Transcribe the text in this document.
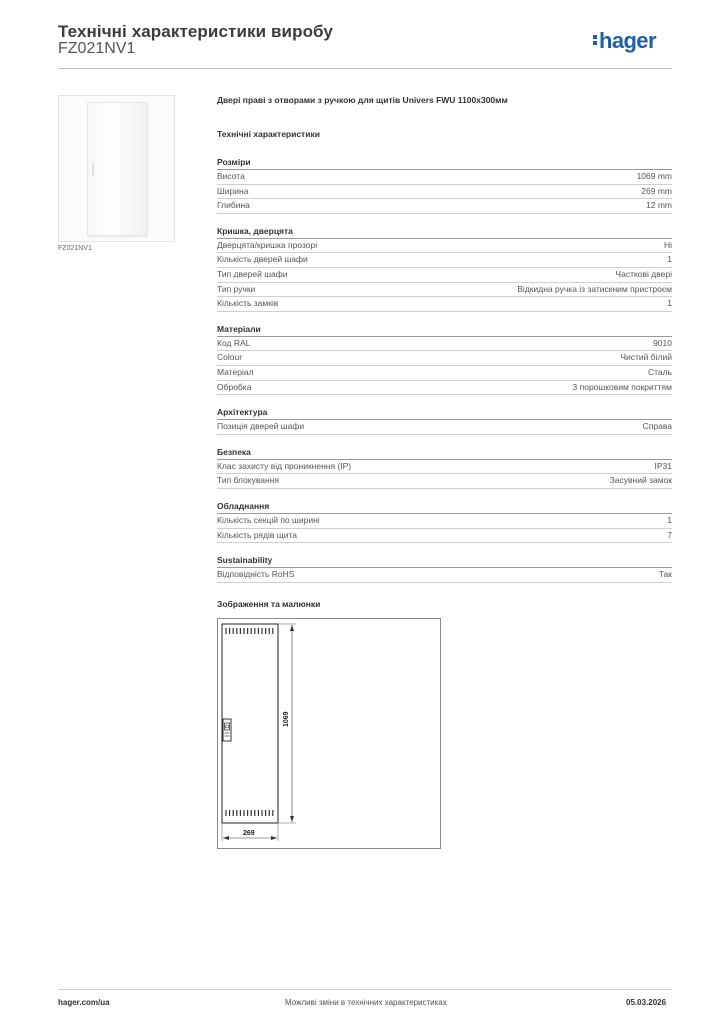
Технічні характеристики виробу
FZ021NV1	hager
FZ021NV1
Двері праві з отворами з ручкою для щитів Univers FWU 1100x300мм
Технічні характеристики
Розміри
Висота	1069 mm
Ширина	269 mm
Глибина	12 mm
Кришка, дверцята
Дверцята/кришка прозорі	Ні
Кількість дверей шафи	1
Тип дверей шафи	Часткові двері
Тип ручки	Відкидна ручка із затискним пристроєм
Кількість замків	1
Матеріали
Код RAL	9010
Colour	Чистий білий
Матеріал	Сталь
Обробка	З порошковим покриттям
Архітектура
Позиція дверей шафи	Справа
Безпека
Клас захисту від проникнення (IP)	IP31
Тип блокування	Засувний замок
Обладнання
Кількість секцій по ширині	1
Кількість рядів щита	7
Sustainability
Відповідність RoHS	Так
Зображення та малюнки
1069
269
hager.com/ua	Можливі зміни в технічних характеристиках	05.03.2026
